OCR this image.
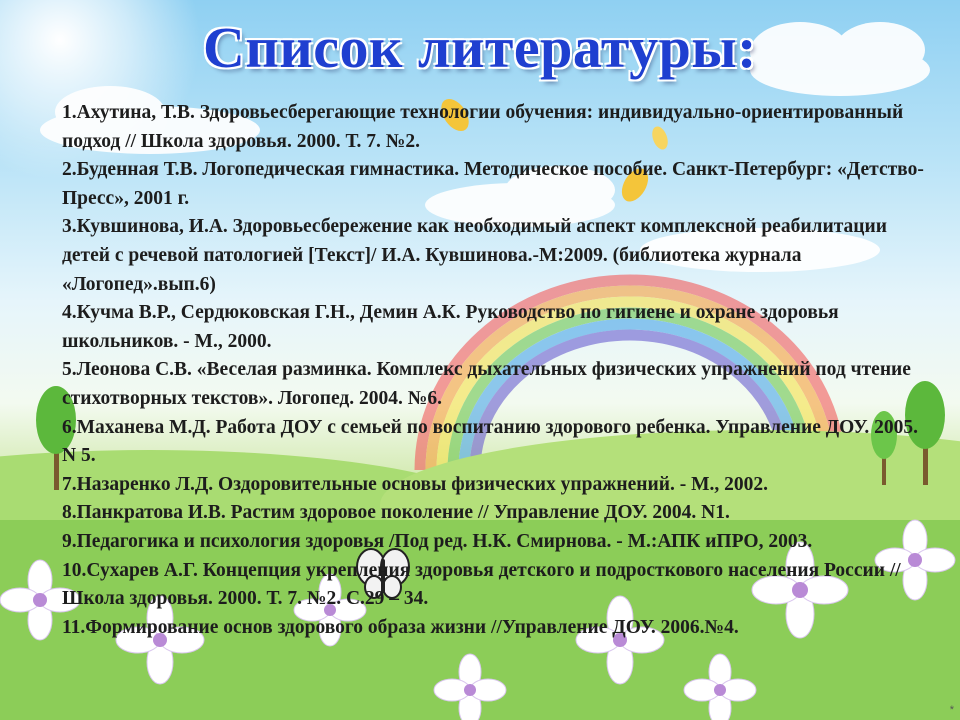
Список литературы:
1.Ахутина, Т.В. Здоровьесберегающие технологии обучения: индивидуально-ориентированный подход // Школа здоровья. 2000. Т. 7. №2.
2.Буденная Т.В. Логопедическая гимнастика. Методическое пособие. Санкт-Петербург: «Детство-Пресс», 2001 г.
3.Кувшинова, И.А. Здоровьесбережение как необходимый аспект комплексной реабилитации детей с речевой патологией [Текст]/ И.А. Кувшинова.-М:2009. (библиотека журнала «Логопед».вып.6)
4.Кучма В.Р., Сердюковская Г.Н., Демин А.К. Руководство по гигиене и охране здоровья школьников. - М., 2000.
5.Леонова С.В. «Веселая разминка. Комплекс дыхательных физических упражнений под чтение стихотворных текстов». Логопед. 2004. №6.
6.Маханева М.Д. Работа ДОУ с семьей по воспитанию здорового ребенка. Управление ДОУ. 2005. N 5.
7.Назаренко Л.Д. Оздоровительные основы физических упражнений. - М., 2002.
8.Панкратова И.В. Растим здоровое поколение // Управление ДОУ. 2004. N1.
9.Педагогика и психология здоровья /Под ред. Н.К. Смирнова. - М.:АПК иПРО, 2003.
10.Сухарев А.Г. Концепция укрепления здоровья детского и подросткового населения России // Школа здоровья. 2000. Т. 7. №2. С.29 – 34.
11.Формирование основ здорового образа жизни //Управление ДОУ. 2006.№4.
*
